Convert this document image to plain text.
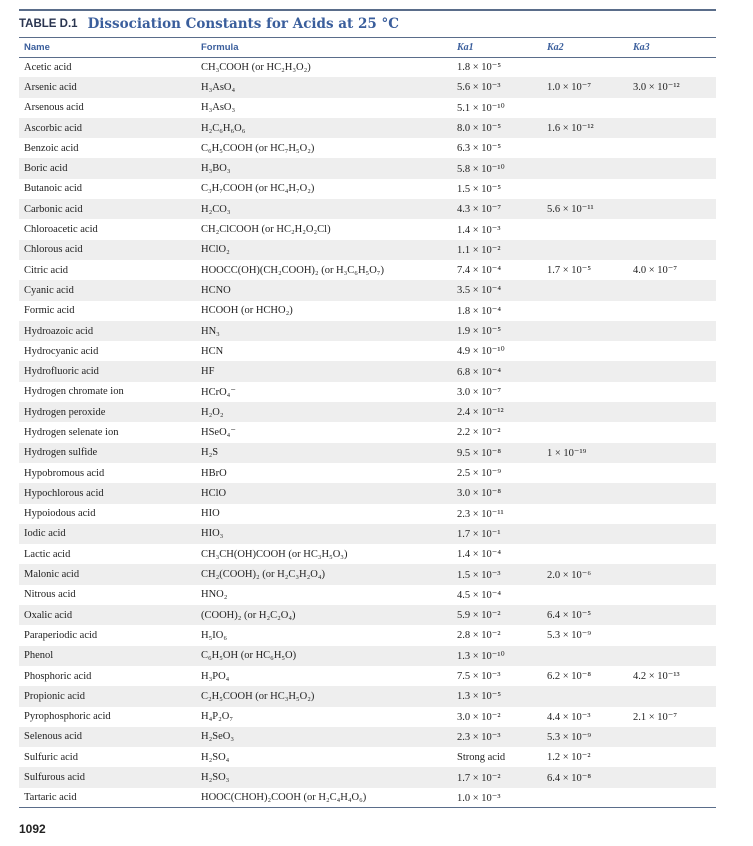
TABLE D.1 Dissociation Constants for Acids at 25 °C
Name	Formula	Ka1	Ka2	Ka3
Acetic acid	CH₃COOH (or HC₂H₃O₂)	1.8 × 10⁻⁵		
Arsenic acid	H₃AsO₄	5.6 × 10⁻³	1.0 × 10⁻⁷	3.0 × 10⁻¹²
Arsenous acid	H₃AsO₃	5.1 × 10⁻¹⁰		
Ascorbic acid	H₂C₆H₆O₆	8.0 × 10⁻⁵	1.6 × 10⁻¹²	
Benzoic acid	C₆H₅COOH (or HC₇H₅O₂)	6.3 × 10⁻⁵		
Boric acid	H₃BO₃	5.8 × 10⁻¹⁰		
Butanoic acid	C₃H₇COOH (or HC₄H₇O₂)	1.5 × 10⁻⁵		
Carbonic acid	H₂CO₃	4.3 × 10⁻⁷	5.6 × 10⁻¹¹	
Chloroacetic acid	CH₂ClCOOH (or HC₂H₂O₂Cl)	1.4 × 10⁻³		
Chlorous acid	HClO₂	1.1 × 10⁻²		
Citric acid	HOOCC(OH)(CH₂COOH)₂ (or H₃C₆H₅O₇)	7.4 × 10⁻⁴	1.7 × 10⁻⁵	4.0 × 10⁻⁷
Cyanic acid	HCNO	3.5 × 10⁻⁴		
Formic acid	HCOOH (or HCHO₂)	1.8 × 10⁻⁴		
Hydroazoic acid	HN₃	1.9 × 10⁻⁵		
Hydrocyanic acid	HCN	4.9 × 10⁻¹⁰		
Hydrofluoric acid	HF	6.8 × 10⁻⁴		
Hydrogen chromate ion	HCrO₄⁻	3.0 × 10⁻⁷		
Hydrogen peroxide	H₂O₂	2.4 × 10⁻¹²		
Hydrogen selenate ion	HSeO₄⁻	2.2 × 10⁻²		
Hydrogen sulfide	H₂S	9.5 × 10⁻⁸	1 × 10⁻¹⁹	
Hypobromous acid	HBrO	2.5 × 10⁻⁹		
Hypochlorous acid	HClO	3.0 × 10⁻⁸		
Hypoiodous acid	HIO	2.3 × 10⁻¹¹		
Iodic acid	HIO₃	1.7 × 10⁻¹		
Lactic acid	CH₃CH(OH)COOH (or HC₃H₅O₃)	1.4 × 10⁻⁴		
Malonic acid	CH₂(COOH)₂ (or H₂C₃H₂O₄)	1.5 × 10⁻³	2.0 × 10⁻⁶	
Nitrous acid	HNO₂	4.5 × 10⁻⁴		
Oxalic acid	(COOH)₂ (or H₂C₂O₄)	5.9 × 10⁻²	6.4 × 10⁻⁵	
Paraperiodic acid	H₅IO₆	2.8 × 10⁻²	5.3 × 10⁻⁹	
Phenol	C₆H₅OH (or HC₆H₅O)	1.3 × 10⁻¹⁰		
Phosphoric acid	H₃PO₄	7.5 × 10⁻³	6.2 × 10⁻⁸	4.2 × 10⁻¹³
Propionic acid	C₂H₅COOH (or HC₃H₅O₂)	1.3 × 10⁻⁵		
Pyrophosphoric acid	H₄P₂O₇	3.0 × 10⁻²	4.4 × 10⁻³	2.1 × 10⁻⁷
Selenous acid	H₂SeO₃	2.3 × 10⁻³	5.3 × 10⁻⁹	
Sulfuric acid	H₂SO₄	Strong acid	1.2 × 10⁻²	
Sulfurous acid	H₂SO₃	1.7 × 10⁻²	6.4 × 10⁻⁸	
Tartaric acid	HOOC(CHOH)₂COOH (or H₂C₄H₄O₆)	1.0 × 10⁻³		
1092
